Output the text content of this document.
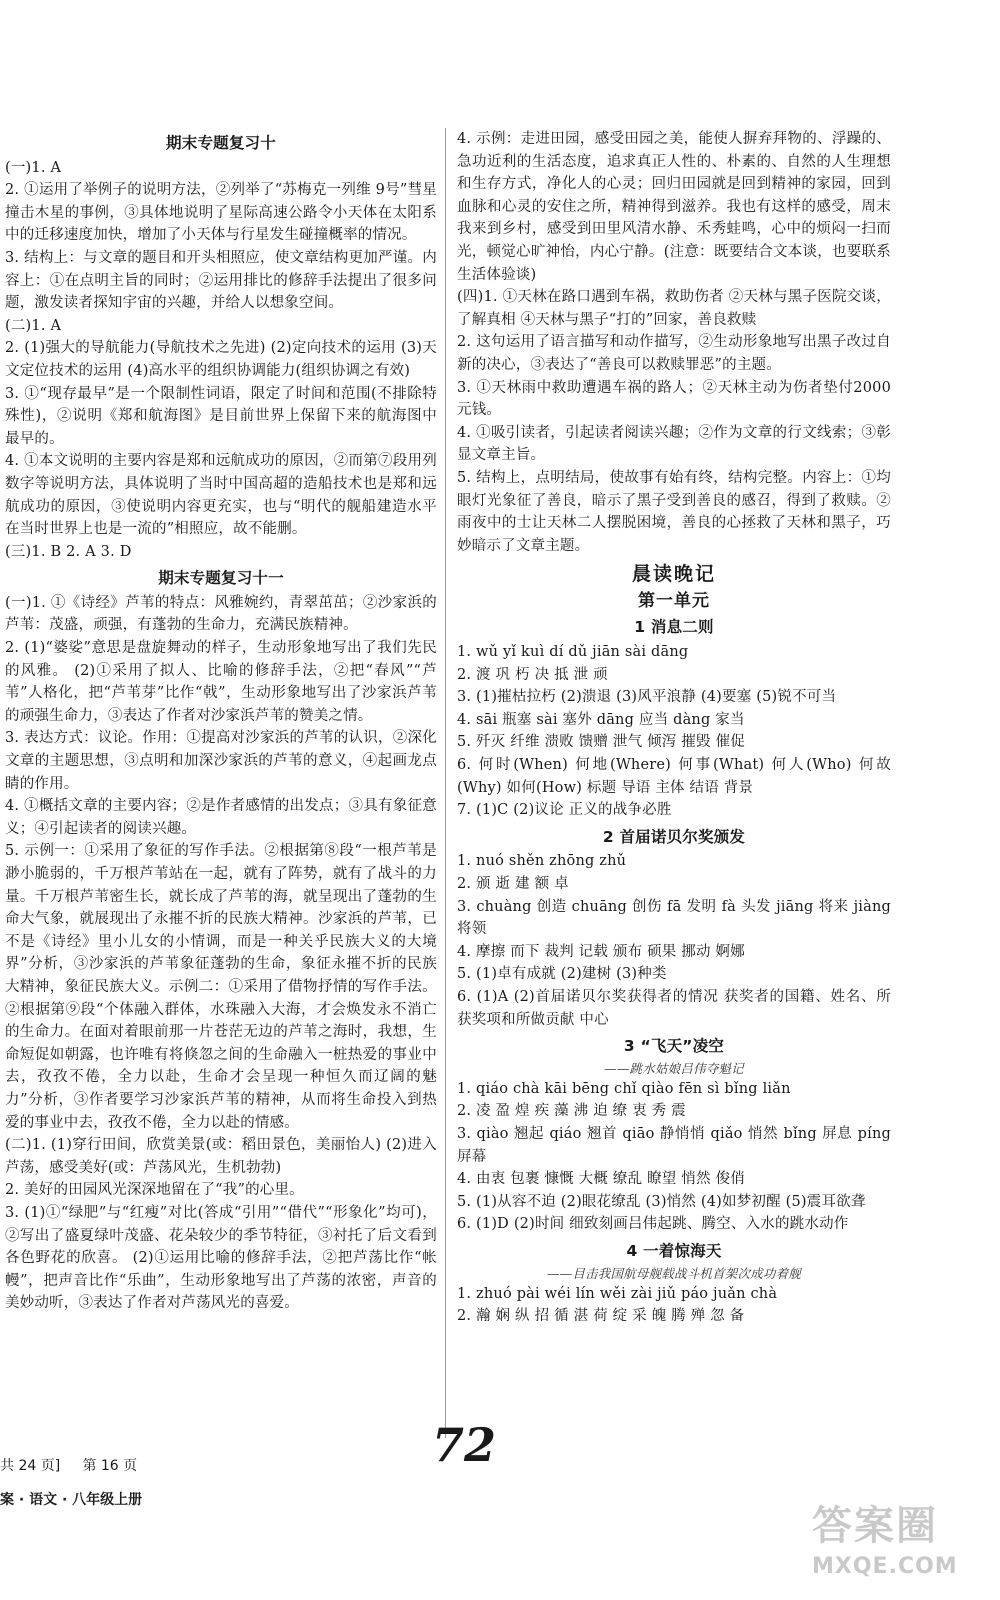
期末专题复习十
(一)1. A
2. ①运用了举例子的说明方法，②列举了“苏梅克一列维 9号”彗星撞击木星的事例，③具体地说明了星际高速公路令小天体在太阳系中的迁移速度加快，增加了小天体与行星发生碰撞概率的情况。
3. 结构上：与文章的题目和开头相照应，使文章结构更加严谨。内容上：①在点明主旨的同时；②运用排比的修辞手法提出了很多问题，激发读者探知宇宙的兴趣，并给人以想象空间。
(二)1. A
2. (1)强大的导航能力(导航技术之先进) (2)定向技术的运用 (3)天文定位技术的运用 (4)高水平的组织协调能力(组织协调之有效)
3. ①“现存最早”是一个限制性词语，限定了时间和范围(不排除特殊性)，②说明《郑和航海图》是目前世界上保留下来的航海图中最早的。
4. ①本文说明的主要内容是郑和远航成功的原因，②而第⑦段用列数字等说明方法，具体说明了当时中国高超的造船技术也是郑和远航成功的原因，③使说明内容更充实，也与“明代的舰船建造水平在当时世界上也是一流的”相照应，故不能删。
(三)1. B 2. A 3. D
期末专题复习十一
(一)1. ①《诗经》芦苇的特点：风雅婉约，青翠茁茁；②沙家浜的芦苇：茂盛，顽强，有蓬勃的生命力，充满民族精神。
2. (1)“婆娑”意思是盘旋舞动的样子，生动形象地写出了我们先民的风雅。 (2)①采用了拟人、比喻的修辞手法，②把“春风”“芦苇”人格化，把“芦苇芽”比作“戟”，生动形象地写出了沙家浜芦苇的顽强生命力，③表达了作者对沙家浜芦苇的赞美之情。
3. 表达方式：议论。作用：①提高对沙家浜的芦苇的认识，②深化文章的主题思想，③点明和加深沙家浜的芦苇的意义，④起画龙点睛的作用。
4. ①概括文章的主要内容；②是作者感情的出发点；③具有象征意义；④引起读者的阅读兴趣。
5. 示例一：①采用了象征的写作手法。②根据第⑧段“一根芦苇是渺小脆弱的，千万根芦苇站在一起，就有了阵势，就有了战斗的力量。千万根芦苇密生长，就长成了芦苇的海，就呈现出了蓬勃的生命大气象，就展现出了永摧不折的民族大精神。沙家浜的芦苇，已不是《诗经》里小儿女的小情调，而是一种关乎民族大义的大境界”分析，③沙家浜的芦苇象征蓬勃的生命，象征永摧不折的民族大精神，象征民族大义。示例二：①采用了借物抒情的写作手法。②根据第⑨段“个体融入群体，水珠融入大海，才会焕发永不消亡的生命力。在面对着眼前那一片苍茫无边的芦苇之海时，我想，生命短促如朝露，也许唯有将倏忽之间的生命融入一桩热爱的事业中去，孜孜不倦，全力以赴，生命才会呈现一种恒久而辽阔的魅力”分析，③作者要学习沙家浜芦苇的精神，从而将生命投入到热爱的事业中去，孜孜不倦，全力以赴的情感。
(二)1. (1)穿行田间，欣赏美景(或：稻田景色，美丽怡人) (2)进入芦荡，感受美好(或：芦荡风光，生机勃勃)
2. 美好的田园风光深深地留在了“我”的心里。
3. (1)①“绿肥”与“红瘦”对比(答成“引用”“借代”“形象化”均可)，②写出了盛夏绿叶茂盛、花朵较少的季节特征，③衬托了后文看到各色野花的欣喜。 (2)①运用比喻的修辞手法，②把芦荡比作“帐幔”，把声音比作“乐曲”，生动形象地写出了芦荡的浓密，声音的美妙动听，③表达了作者对芦荡风光的喜爱。
4. 示例：走进田园，感受田园之美，能使人摒弃拜物的、浮躁的、急功近利的生活态度，追求真正人性的、朴素的、自然的人生理想和生存方式，净化人的心灵；回归田园就是回到精神的家园，回到血脉和心灵的安住之所，精神得到滋养。我也有这样的感受，周末我来到乡村，感受到田里风清水静、禾秀蛙鸣，心中的烦闷一扫而光，顿觉心旷神怡，内心宁静。(注意：既要结合文本谈，也要联系生活体验谈)
(四)1. ①天林在路口遇到车祸，救助伤者 ②天林与黑子医院交谈，了解真相 ④天林与黑子“打的”回家，善良救赎
2. 这句运用了语言描写和动作描写，②生动形象地写出黑子改过自新的决心，③表达了“善良可以救赎罪恶”的主题。
3. ①天林雨中救助遭遇车祸的路人；②天林主动为伤者垫付2000元钱。
4. ①吸引读者，引起读者阅读兴趣；②作为文章的行文线索；③彰显文章主旨。
5. 结构上，点明结局，使故事有始有终，结构完整。内容上：①均眼灯光象征了善良，暗示了黑子受到善良的感召，得到了救赎。②雨夜中的士让天林二人摆脱困境，善良的心拯救了天林和黑子，巧妙暗示了文章主题。
晨读晚记
第一单元
1 消息二则
1. wǔ yǐ kuì dí dǔ jiān sài dāng
2. 渡 巩 朽 决 抵 泄 顽
3. (1)摧枯拉朽 (2)溃退 (3)风平浪静 (4)要塞 (5)锐不可当
4. sāi 瓶塞 sài 塞外 dāng 应当 dàng 家当
5. 歼灭 纤维 溃败 馈赠 泄气 倾泻 摧毁 催促
6. 何时(When) 何地(Where) 何事(What) 何人(Who) 何故(Why) 如何(How) 标题 导语 主体 结语 背景
7. (1)C (2)议论 正义的战争必胜
2 首届诺贝尔奖颁发
1. nuó shěn zhōng zhǔ
2. 颁 逝 建 额 卓
3. chuàng 创造 chuāng 创伤 fā 发明 fà 头发 jiāng 将来 jiàng 将领
4. 摩擦 而下 裁判 记载 颁布 硕果 挪动 婀娜
5. (1)卓有成就 (2)建树 (3)种类
6. (1)A (2)首届诺贝尔奖获得者的情况 获奖者的国籍、姓名、所获奖项和所做贡献 中心
3 “飞天”凌空
——跳水姑娘吕伟夺魁记
1. qiáo chà kāi bēng chǐ qiào fēn sì bǐng liǎn
2. 凌 盈 煌 疾 藻 沸 迫 缭 衷 秀 震
3. qiào 翘起 qiáo 翘首 qiāo 静悄悄 qiǎo 悄然 bǐng 屏息 píng 屏幕
4. 由衷 包裹 慷慨 大概 缭乱 瞭望 悄然 俊俏
5. (1)从容不迫 (2)眼花缭乱 (3)悄然 (4)如梦初醒 (5)震耳欲聋
6. (1)D (2)时间 细致刻画吕伟起跳、腾空、入水的跳水动作
4 一着惊海天
——目击我国航母舰载战斗机首架次成功着舰
1. zhuó pài wéi lín wěi zài jiǔ páo juǎn chà
2. 瀚 娴 纵 招 循 湛 荷 绽 采 魄 腾 殚 忽 备
共 24 页] 第 16 页
案 · 语文 · 八年级上册
72
答案圈
MXQE.COM
